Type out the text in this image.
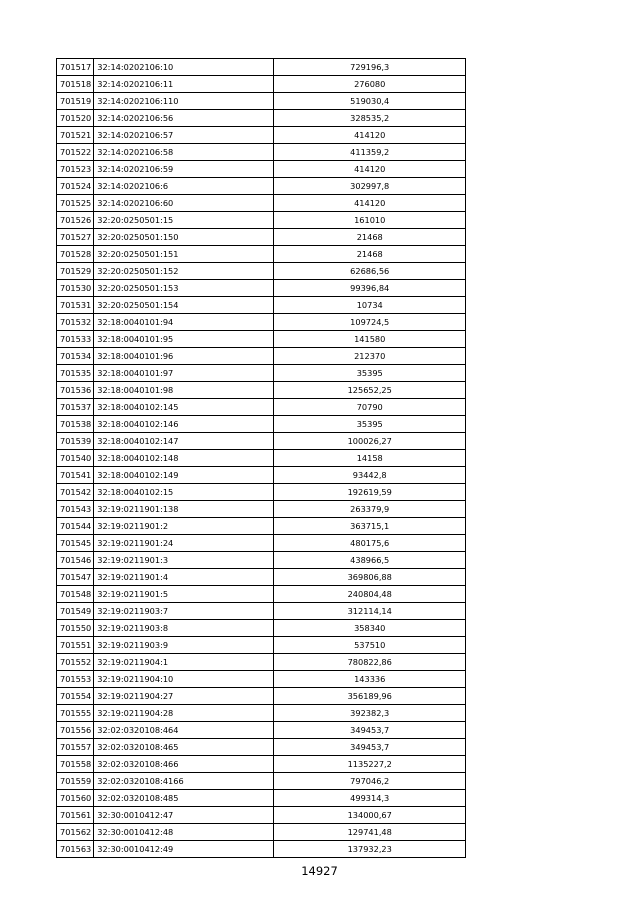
701517	32:14:0202106:10	729196,3
701518	32:14:0202106:11	276080
701519	32:14:0202106:110	519030,4
701520	32:14:0202106:56	328535,2
701521	32:14:0202106:57	414120
701522	32:14:0202106:58	411359,2
701523	32:14:0202106:59	414120
701524	32:14:0202106:6	302997,8
701525	32:14:0202106:60	414120
701526	32:20:0250501:15	161010
701527	32:20:0250501:150	21468
701528	32:20:0250501:151	21468
701529	32:20:0250501:152	62686,56
701530	32:20:0250501:153	99396,84
701531	32:20:0250501:154	10734
701532	32:18:0040101:94	109724,5
701533	32:18:0040101:95	141580
701534	32:18:0040101:96	212370
701535	32:18:0040101:97	35395
701536	32:18:0040101:98	125652,25
701537	32:18:0040102:145	70790
701538	32:18:0040102:146	35395
701539	32:18:0040102:147	100026,27
701540	32:18:0040102:148	14158
701541	32:18:0040102:149	93442,8
701542	32:18:0040102:15	192619,59
701543	32:19:0211901:138	263379,9
701544	32:19:0211901:2	363715,1
701545	32:19:0211901:24	480175,6
701546	32:19:0211901:3	438966,5
701547	32:19:0211901:4	369806,88
701548	32:19:0211901:5	240804,48
701549	32:19:0211903:7	312114,14
701550	32:19:0211903:8	358340
701551	32:19:0211903:9	537510
701552	32:19:0211904:1	780822,86
701553	32:19:0211904:10	143336
701554	32:19:0211904:27	356189,96
701555	32:19:0211904:28	392382,3
701556	32:02:0320108:464	349453,7
701557	32:02:0320108:465	349453,7
701558	32:02:0320108:466	1135227,2
701559	32:02:0320108:4166	797046,2
701560	32:02:0320108:485	499314,3
701561	32:30:0010412:47	134000,67
701562	32:30:0010412:48	129741,48
701563	32:30:0010412:49	137932,23
14927
